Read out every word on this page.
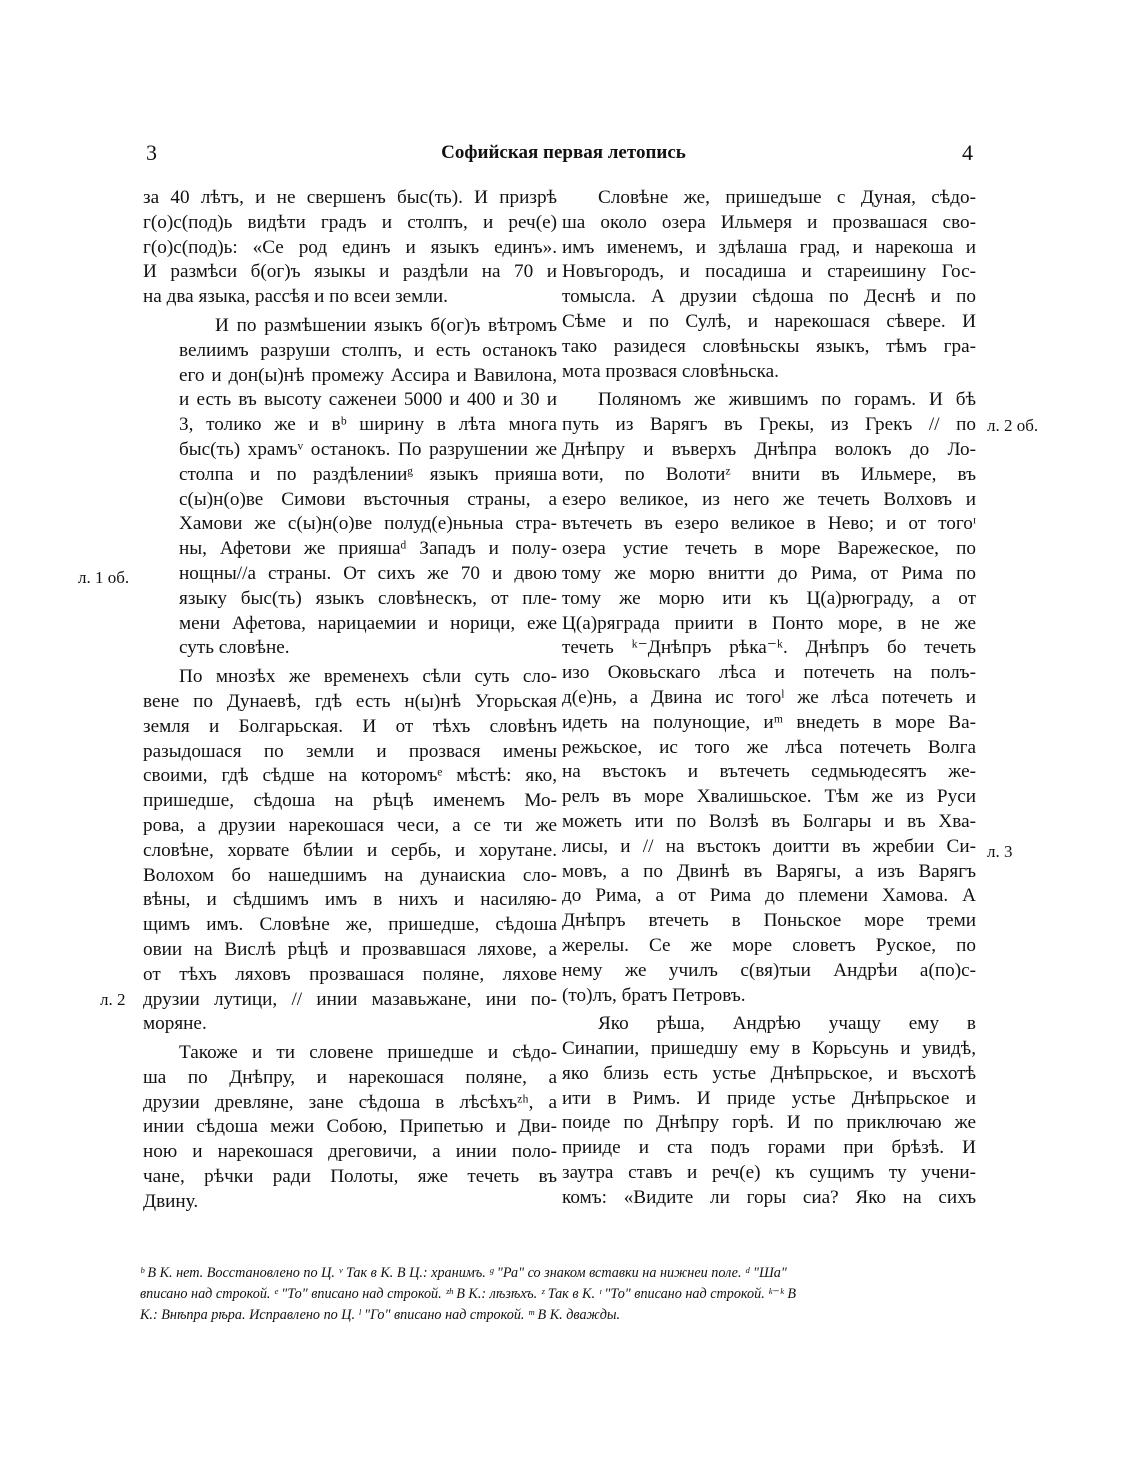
3	Софийская первая летопись	4

за 40 лѣтъ, и не свершенъ быс(ть). И призрѣ
г(о)с(под)ь видѣти градъ и столпъ, и реч(е)
г(о)с(под)ь: «Се род единъ и языкъ единъ».
И размѣси б(ог)ъ языкы и раздѣли на 70 и
на два языка, рассѣя и по всеи земли.

И по размѣшении языкъ б(ог)ъ вѣтромъ
велиимъ разруши столпъ, и есть останокъ
его и дон(ы)нѣ промежу Ассира и Вавилона,
и есть въ высоту саженеи 5000 и 400 и 30 и
3, толико же и вᵇ ширину в лѣта многа
быс(ть) храмъᵛ останокъ. По разрушении же
столпа и по раздѣленииᵍ языкъ прияша
с(ы)н(о)ве Симови въсточныя страны, а
Хамови же с(ы)н(о)ве полуд(е)ньныа стра-
ны, Афетови же прияшаᵈ Западъ и полу-
нощны//а страны. От сихъ же 70 и двою
языку быс(ть) языкъ словѣнескъ, от пле-
мени Афетова, нарицаемии и норици, еже
суть словѣне.

По мнозѣх же временехъ сѣли суть сло-
вене по Дунаевѣ, гдѣ есть н(ы)нѣ Угорьская
земля и Болгарьская. И от тѣхъ словѣнъ
разыдошася по земли и прозвася имены
своими, гдѣ сѣдше на которомъᵉ мѣстѣ: яко,
пришедше, сѣдоша на рѣцѣ именемъ Мо-
рова, а друзии нарекошася чеси, а се ти же
словѣне, хорвате бѣлии и сербь, и хорутане.
Волохом бо нашедшимъ на дунаискиа сло-
вѣны, и сѣдшимъ имъ в нихъ и насиляю-
щимъ имъ. Словѣне же, пришедше, сѣдоша
овии на Вислѣ рѣцѣ и прозвавшася ляхове, а
от тѣхъ ляховъ прозвашася поляне, ляхове
друзии лутици, // инии мазавьжане, ини по-
моряне.

Такоже и ти словене пришедше и сѣдо-
ша по Днѣпру, и нарекошася поляне, а
друзии древляне, зане сѣдоша в лѣсѣхъᶻʰ, а
инии сѣдоша межи Собою, Припетью и Дви-
ною и нарекошася дреговичи, а инии поло-
чане, рѣчки ради Полоты, яже течеть въ
Двину.

Словѣне же, пришедъше с Дуная, сѣдо-
ша около озера Ильмеря и прозвашася сво-
имъ именемъ, и здѣлаша град, и нарекоша и
Новъгородъ, и посадиша и стареишину Гос-
томысла. А друзии сѣдоша по Деснѣ и по
Сѣме и по Сулѣ, и нарекошася сѣвере. И
тако разидеся словѣньскы языкъ, тѣмъ гра-
мота прозвася словѣньска.

Поляномъ же жившимъ по горамъ. И бѣ
путь из Варягъ въ Грекы, из Грекъ // по
Днѣпру и въверхъ Днѣпра волокъ до Ло-
воти, по Волотиᶻ внити въ Ильмере, въ
езеро великое, из него же течеть Волховъ и
вътечеть въ езеро великое в Нево; и от тогоᶦ
озера устие течеть в море Варежеское, по
тому же морю внитти до Рима, от Рима по
тому же морю ити къ Ц(а)рюграду, а от
Ц(а)ряграда приити в Понто море, в не же
течеть ᵏ⁻Днѣпръ рѣка⁻ᵏ. Днѣпръ бо течеть
изо Оковьскаго лѣса и потечеть на полъ-
д(е)нь, а Двина ис тогоˡ же лѣса потечеть и
идеть на полунощие, иᵐ внедеть в море Ва-
режьское, ис того же лѣса потечеть Волга
на въстокъ и вътечеть седмьюдесятъ же-
релъ въ море Хвалишьское. Тѣм же из Руси
можеть ити по Волзѣ въ Болгары и въ Хва-
лисы, и // на въстокъ доитти въ жребии Си-
мовъ, а по Двинѣ въ Варягы, а изъ Варягъ
до Рима, а от Рима до племени Хамова. А
Днѣпръ втечеть в Поньское море треми
жерелы. Се же море словетъ Руское, по
нему же училъ с(вя)тыи Андрѣи а(по)с-
(то)лъ, братъ Петровъ.

Яко рѣша, Андрѣю учащу ему в
Синапии, пришедшу ему в Корьсунь и увидѣ,
яко близь есть устье Днѣпрьское, и въсхотѣ
ити в Римъ. И приде устье Днѣпрьское и
поиде по Днѣпру горѣ. И по приключаю же
прииде и ста подъ горами при брѣзѣ. И
заутра ставъ и реч(е) къ сущимъ ту учени-
комъ: «Видите ли горы сиа? Яко на сихъ

л. 1 об.
л. 2
л. 2 об.
л. 3
ᵇ В К. нет. Восстановлено по Ц. ᵛ Так в К. В Ц.: хранимъ. ᵍ "Ра" со знаком вставки на нижнеи поле. ᵈ "Ша"
вписано над строкой. ᵉ "То" вписано над строкой. ᶻʰ В К.: лѣзѣхъ. ᶻ Так в К. ᶦ "То" вписано над строкой. ᵏ⁻ᵏ В
К.: Внѣпра рѣра. Исправлено по Ц. ˡ "Го" вписано над строкой. ᵐ В К. дважды.
